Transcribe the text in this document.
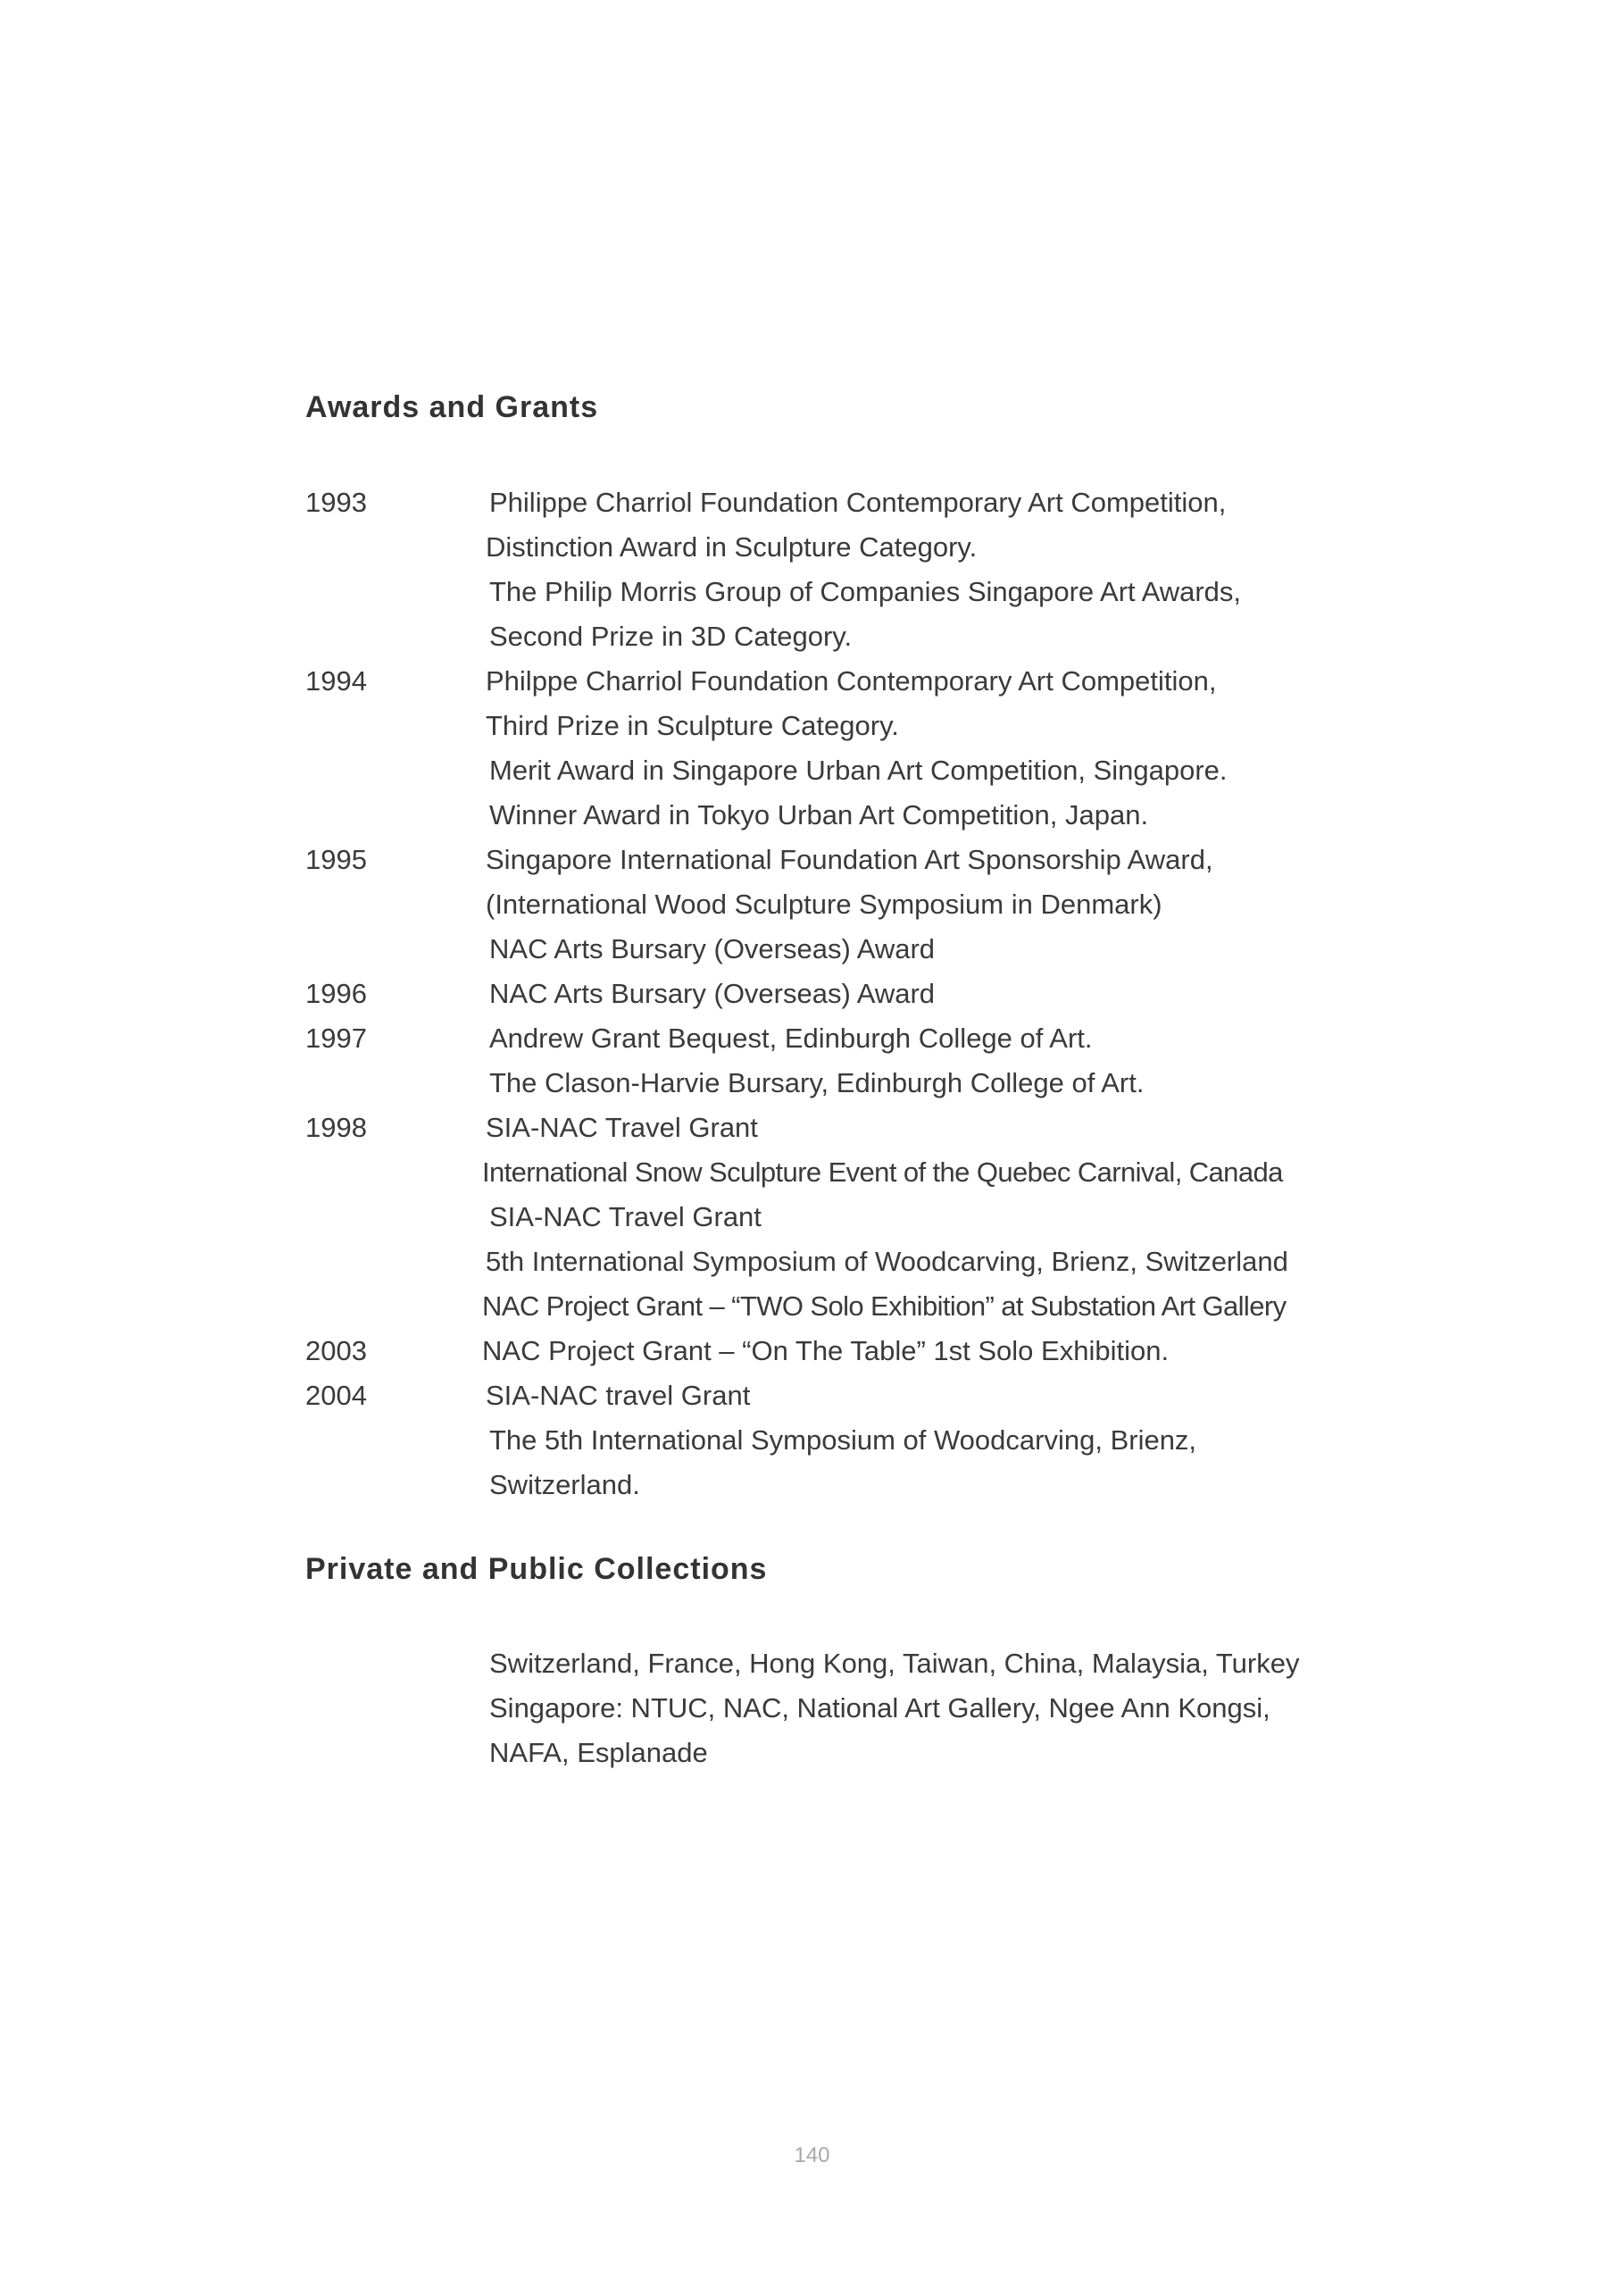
Awards and Grants
1993	Philippe Charriol Foundation Contemporary Art Competition,
Distinction Award in Sculpture Category.
The Philip Morris Group of Companies Singapore Art Awards,
Second Prize in 3D Category.
1994	Philppe Charriol Foundation Contemporary Art Competition,
Third Prize in Sculpture Category.
Merit Award in Singapore Urban Art Competition, Singapore.
Winner Award in Tokyo Urban Art Competition, Japan.
1995	Singapore International Foundation Art Sponsorship Award,
(International Wood Sculpture Symposium in Denmark)
NAC Arts Bursary (Overseas) Award
1996	NAC Arts Bursary (Overseas) Award
1997	Andrew Grant Bequest, Edinburgh College of Art.
The Clason-Harvie Bursary, Edinburgh College of Art.
1998	SIA-NAC Travel Grant
International Snow Sculpture Event of the Quebec Carnival, Canada
SIA-NAC Travel Grant
5th International Symposium of Woodcarving, Brienz, Switzerland
NAC Project Grant – “TWO Solo Exhibition” at Substation Art Gallery
2003	NAC Project Grant – “On The Table” 1st Solo Exhibition.
2004	SIA-NAC travel Grant
The 5th International Symposium of Woodcarving, Brienz,
Switzerland.
Private and Public Collections
Switzerland, France, Hong Kong, Taiwan, China, Malaysia, Turkey
Singapore: NTUC, NAC, National Art Gallery, Ngee Ann Kongsi,
NAFA, Esplanade
140
